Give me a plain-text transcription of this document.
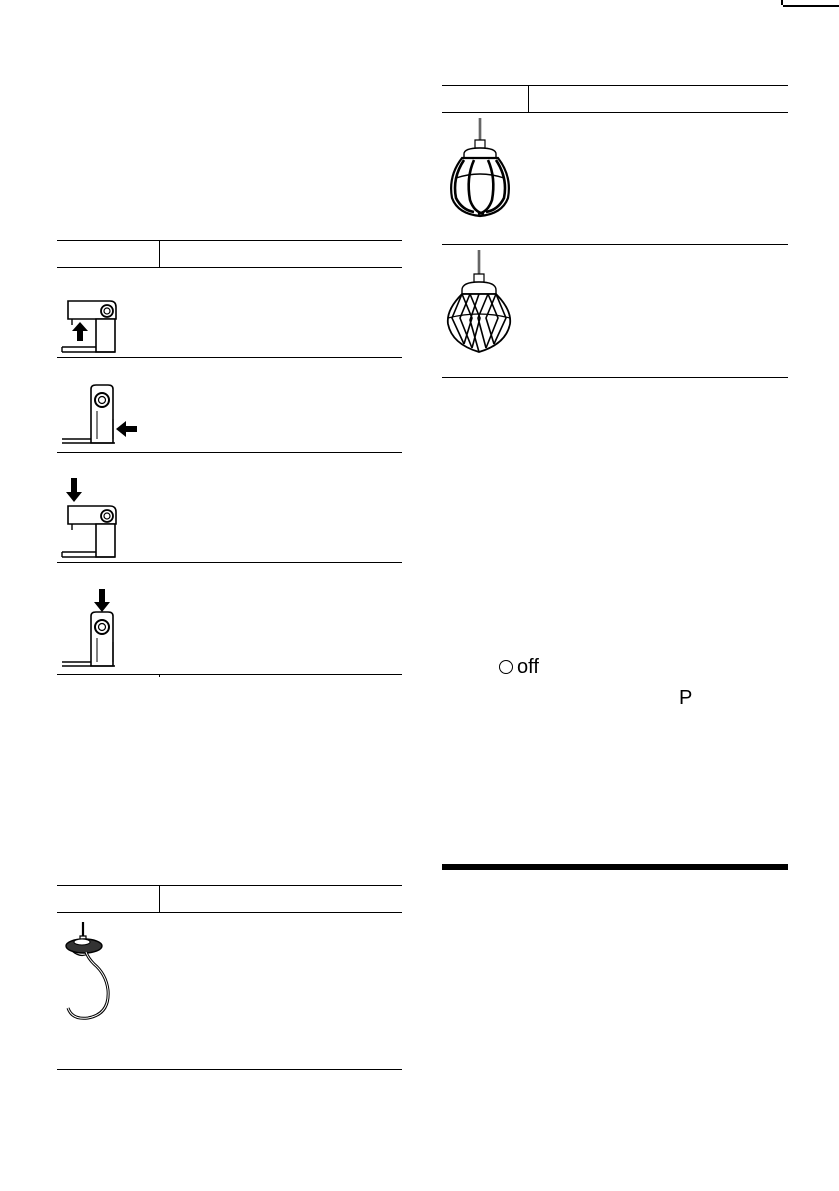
off
P
